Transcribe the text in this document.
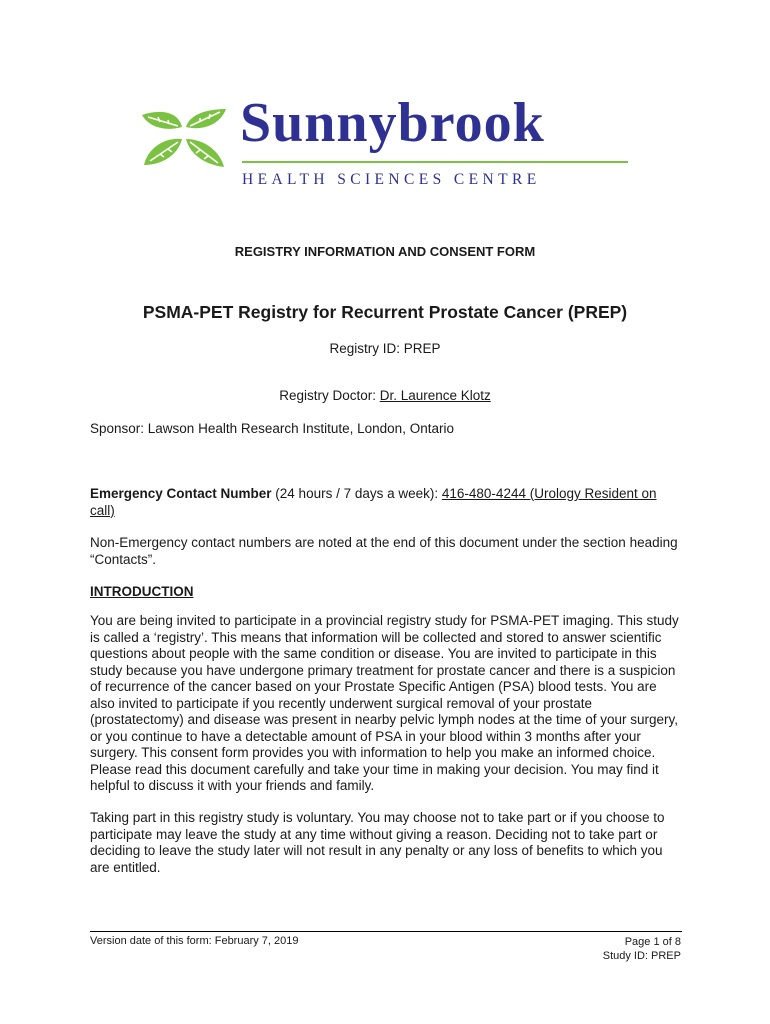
Sunnybrook
HEALTH SCIENCES CENTRE
REGISTRY INFORMATION AND CONSENT FORM
PSMA-PET Registry for Recurrent Prostate Cancer (PREP)
Registry ID: PREP
Registry Doctor: Dr. Laurence Klotz
Sponsor: Lawson Health Research Institute, London, Ontario
Emergency Contact Number (24 hours / 7 days a week): 416-480-4244 (Urology Resident on call)
Non-Emergency contact numbers are noted at the end of this document under the section heading “Contacts”.
INTRODUCTION
You are being invited to participate in a provincial registry study for PSMA-PET imaging. This study is called a ‘registry’. This means that information will be collected and stored to answer scientific questions about people with the same condition or disease. You are invited to participate in this study because you have undergone primary treatment for prostate cancer and there is a suspicion of recurrence of the cancer based on your Prostate Specific Antigen (PSA) blood tests. You are also invited to participate if you recently underwent surgical removal of your prostate (prostatectomy) and disease was present in nearby pelvic lymph nodes at the time of your surgery, or you continue to have a detectable amount of PSA in your blood within 3 months after your surgery. This consent form provides you with information to help you make an informed choice. Please read this document carefully and take your time in making your decision. You may find it helpful to discuss it with your friends and family.
Taking part in this registry study is voluntary. You may choose not to take part or if you choose to participate may leave the study at any time without giving a reason. Deciding not to take part or deciding to leave the study later will not result in any penalty or any loss of benefits to which you are entitled.
Version date of this form: February 7, 2019	Page 1 of 8
Study ID: PREP
